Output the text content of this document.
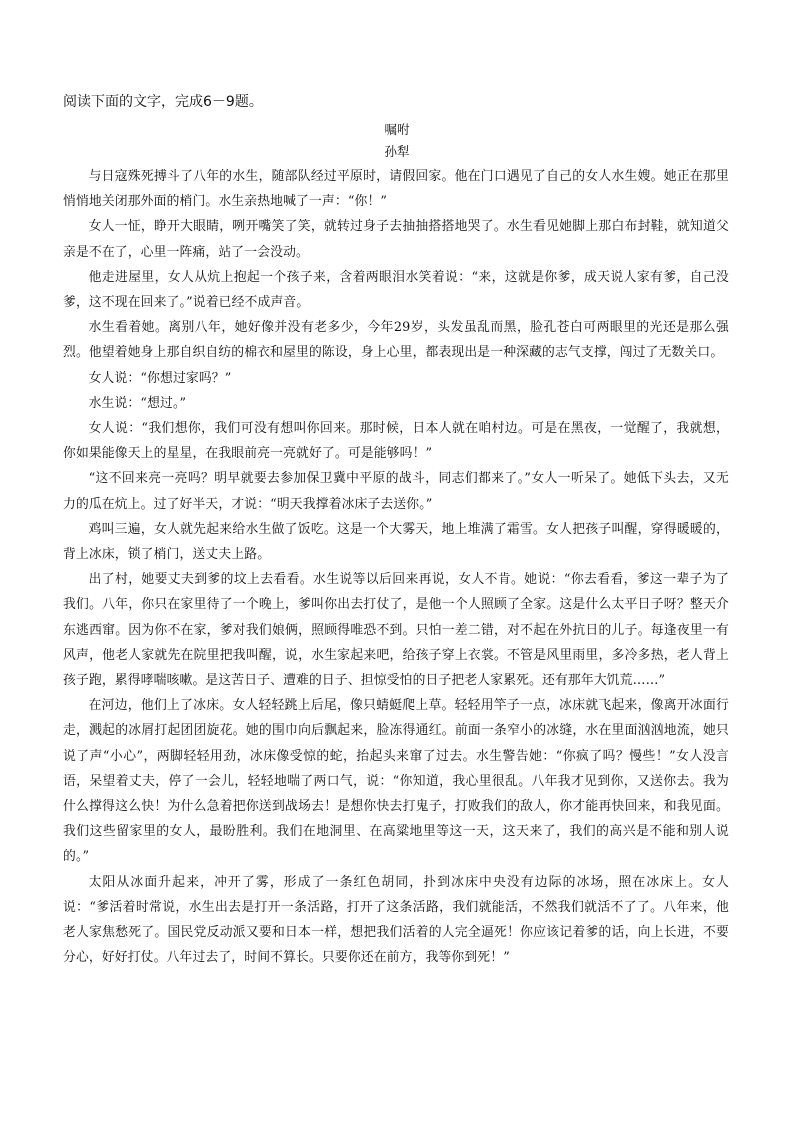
阅读下面的文字，完成6－9题。
嘱咐
孙犁

与日寇殊死搏斗了八年的水生，随部队经过平原时，请假回家。他在门口遇见了自己的女人水生嫂。她正在那里悄悄地关闭那外面的梢门。水生亲热地喊了一声：“你！”

女人一怔，睁开大眼睛，咧开嘴笑了笑，就转过身子去抽抽搭搭地哭了。水生看见她脚上那白布封鞋，就知道父亲是不在了，心里一阵痛，站了一会没动。

他走进屋里，女人从炕上抱起一个孩子来，含着两眼泪水笑着说：“来，这就是你爹，成天说人家有爹，自己没爹，这不现在回来了。”说着已经不成声音。

水生看着她。离别八年，她好像并没有老多少，今年29岁，头发虽乱而黑，脸孔苍白可两眼里的光还是那么强烈。他望着她身上那自织自纺的棉衣和屋里的陈设，身上心里，都表现出是一种深藏的志气支撑，闯过了无数关口。

女人说：“你想过家吗？”

水生说：“想过。”

女人说：“我们想你，我们可没有想叫你回来。那时候，日本人就在咱村边。可是在黑夜，一觉醒了，我就想，你如果能像天上的星星，在我眼前亮一亮就好了。可是能够吗！”

“这不回来亮一亮吗？明早就要去参加保卫冀中平原的战斗，同志们都来了。”女人一听呆了。她低下头去，又无力的瓜在炕上。过了好半天，才说：“明天我撑着冰床子去送你。”

鸡叫三遍，女人就先起来给水生做了饭吃。这是一个大雾天，地上堆满了霜雪。女人把孩子叫醒，穿得暖暖的，背上冰床，锁了梢门，送丈夫上路。

出了村，她要丈夫到爹的坟上去看看。水生说等以后回来再说，女人不肯。她说：“你去看看，爹这一辈子为了我们。八年，你只在家里待了一个晚上，爹叫你出去打仗了，是他一个人照顾了全家。这是什么太平日子呀？整天介东逃西窜。因为你不在家，爹对我们娘俩，照顾得唯恐不到。只怕一差二错，对不起在外抗日的儿子。每逢夜里一有风声，他老人家就先在院里把我叫醒，说，水生家起来吧，给孩子穿上衣裳。不管是风里雨里，多冷多热，老人背上孩子跑，累得哮喘咳嗽。是这苦日子、遭难的日子、担惊受怕的日子把老人家累死。还有那年大饥荒……”

在河边，他们上了冰床。女人轻轻跳上后尾，像只蜻蜓爬上草。轻轻用竿子一点，冰床就飞起来，像离开冰面行走，溅起的冰屑打起团团旋花。她的围巾向后飘起来，脸冻得通红。前面一条窄小的冰缝，水在里面汹汹地流，她只说了声“小心”，两脚轻轻用劲，冰床像受惊的蛇，抬起头来窜了过去。水生警告她：“你疯了吗？慢些！”女人没言语，呆望着丈夫，停了一会儿，轻轻地喘了两口气，说：“你知道，我心里很乱。八年我才见到你，又送你去。我为什么撑得这么快！为什么急着把你送到战场去！是想你快去打鬼子，打败我们的敌人，你才能再快回来，和我见面。我们这些留家里的女人，最盼胜利。我们在地洞里、在高粱地里等这一天，这天来了，我们的高兴是不能和别人说的。”

太阳从冰面升起来，冲开了雾，形成了一条红色胡同，扑到冰床中央没有边际的冰场，照在冰床上。女人说：“爹活着时常说，水生出去是打开一条活路，打开了这条活路，我们就能活，不然我们就活不了了。八年来，他老人家焦愁死了。国民党反动派又要和日本一样，想把我们活着的人完全逼死！你应该记着爹的话，向上长进，不要分心，好好打仗。八年过去了，时间不算长。只要你还在前方，我等你到死！”
